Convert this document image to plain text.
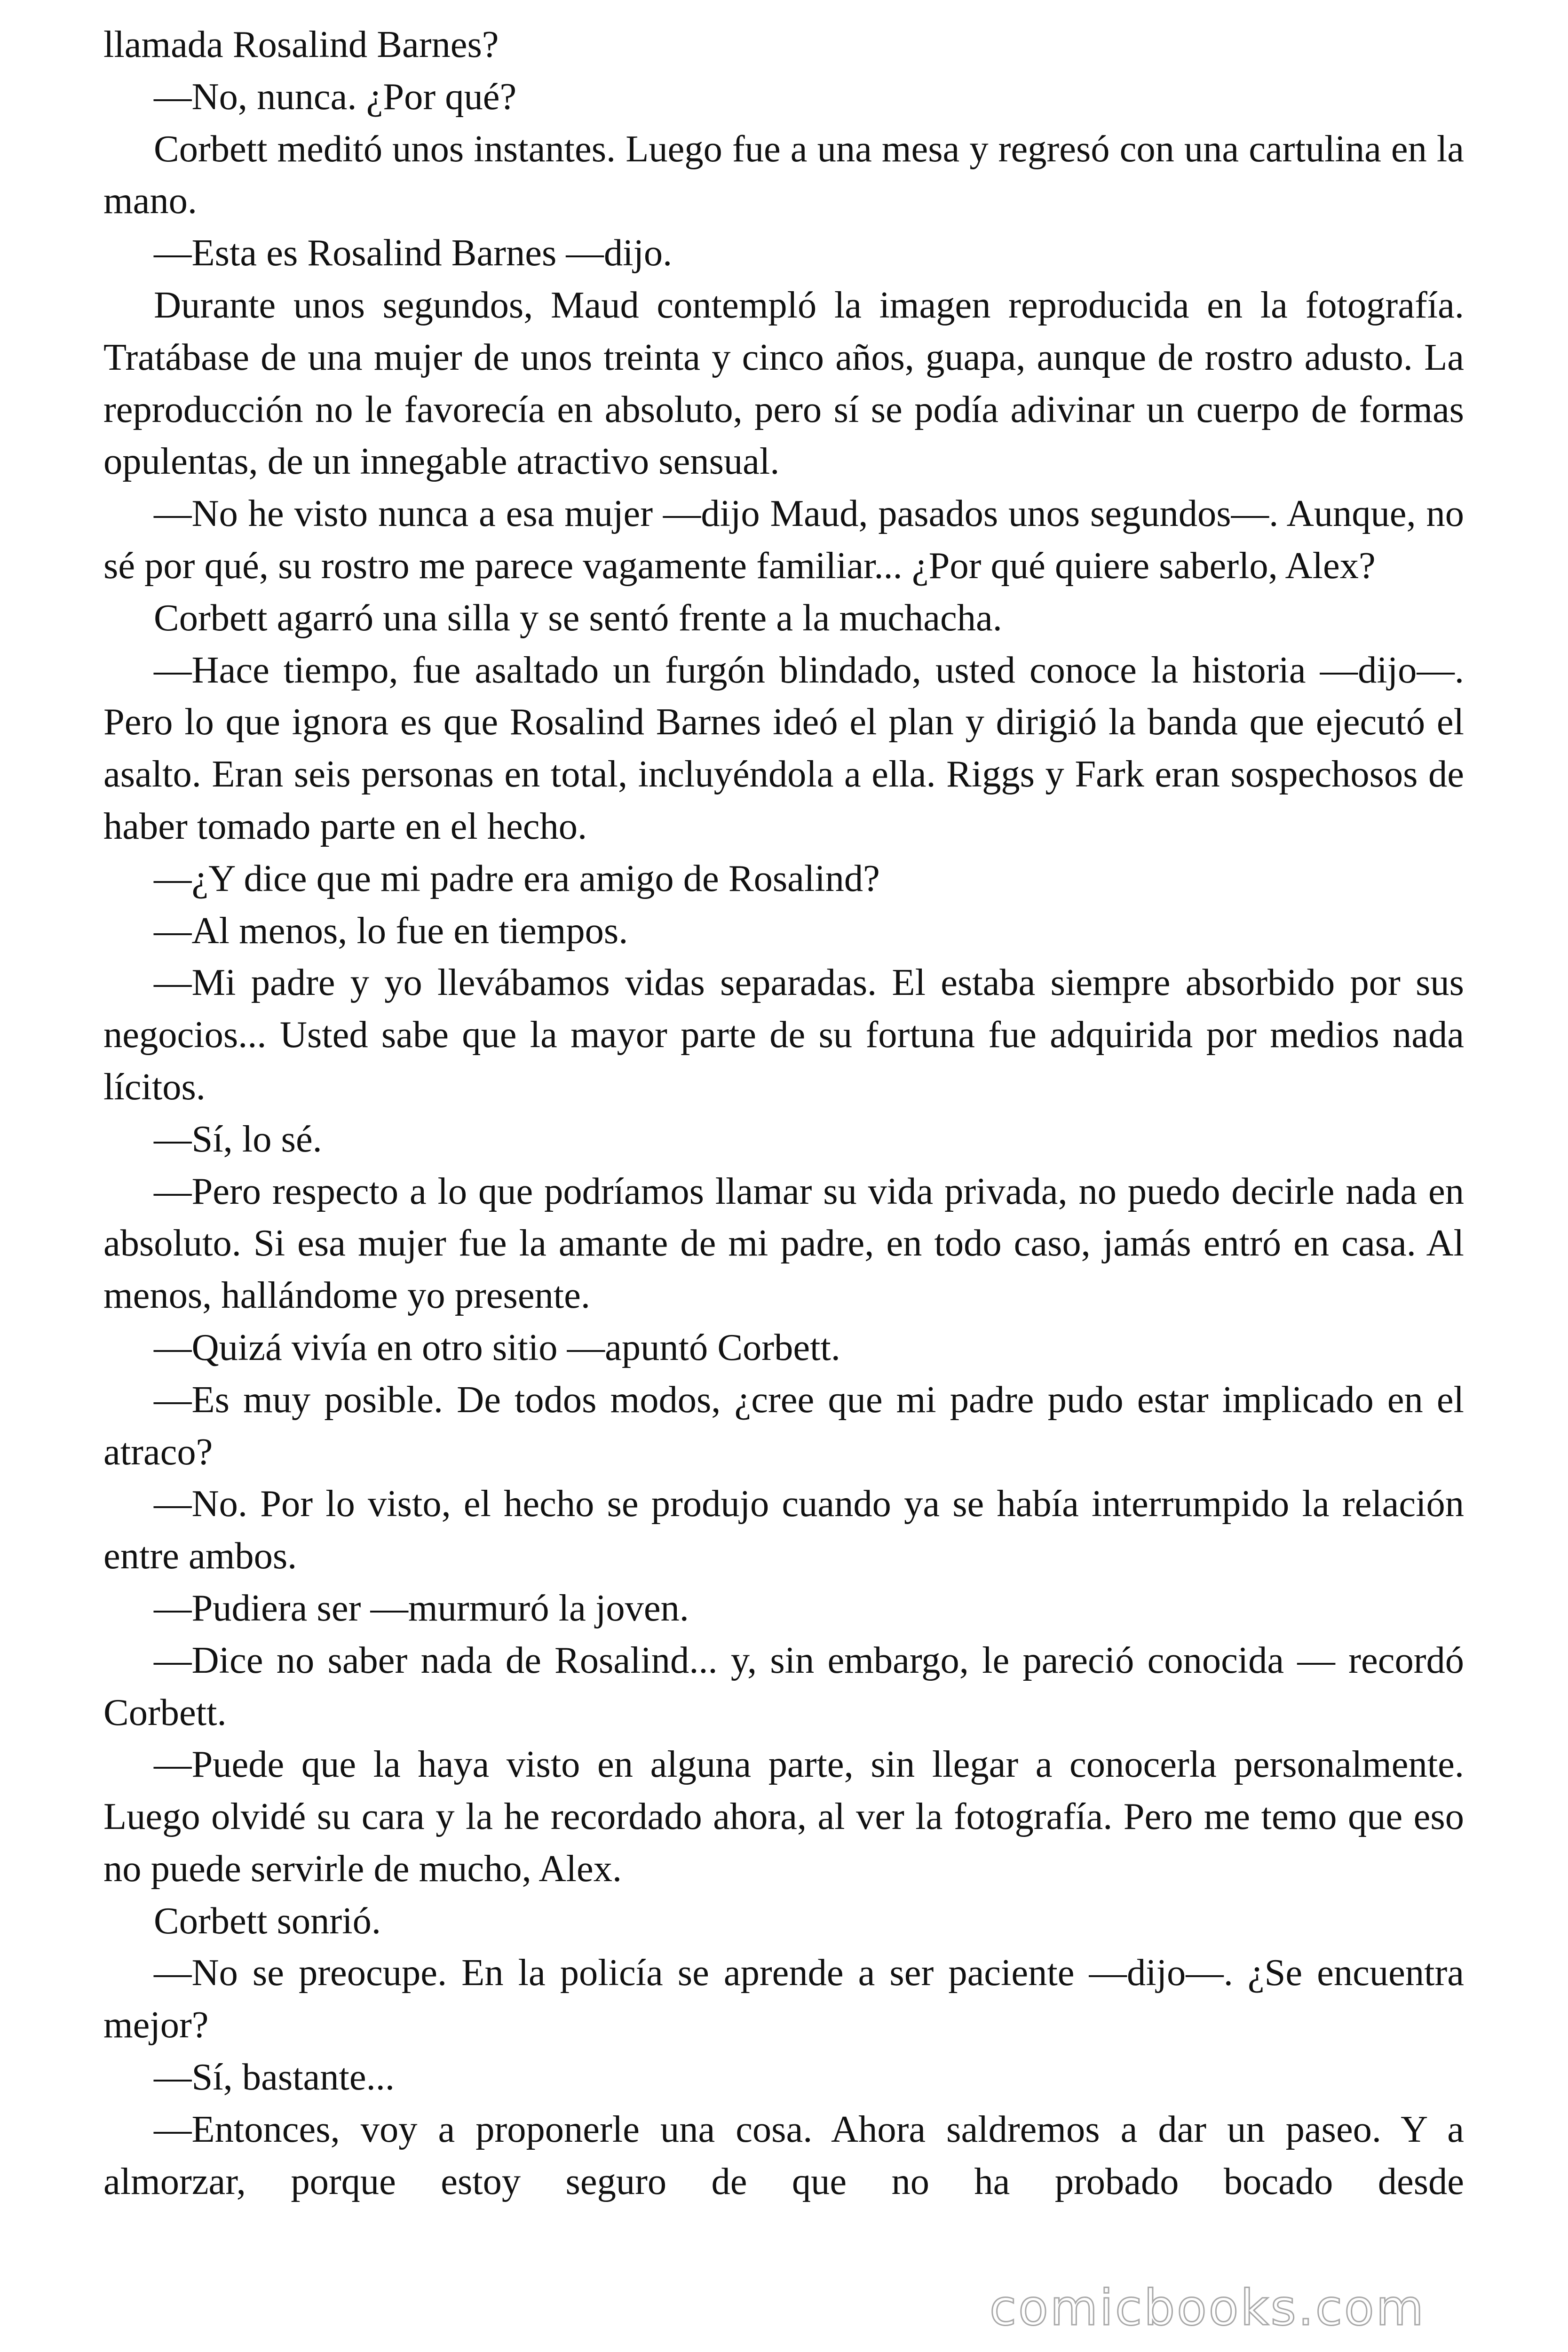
llamada Rosalind Barnes?

—No, nunca. ¿Por qué?

Corbett meditó unos instantes. Luego fue a una mesa y regresó con una cartulina en la mano.

—Esta es Rosalind Barnes —dijo.

Durante unos segundos, Maud contempló la imagen reproducida en la fotografía. Tratábase de una mujer de unos treinta y cinco años, guapa, aunque de rostro adusto. La reproducción no le favorecía en absoluto, pero sí se podía adivinar un cuerpo de formas opulentas, de un innegable atractivo sensual.

—No he visto nunca a esa mujer —dijo Maud, pasados unos segundos—. Aunque, no sé por qué, su rostro me parece vagamente familiar... ¿Por qué quiere saberlo, Alex?

Corbett agarró una silla y se sentó frente a la muchacha.

—Hace tiempo, fue asaltado un furgón blindado, usted conoce la historia —dijo—. Pero lo que ignora es que Rosalind Barnes ideó el plan y dirigió la banda que ejecutó el asalto. Eran seis personas en total, incluyéndola a ella. Riggs y Fark eran sospechosos de haber tomado parte en el hecho.

—¿Y dice que mi padre era amigo de Rosalind?

—Al menos, lo fue en tiempos.

—Mi padre y yo llevábamos vidas separadas. El estaba siempre absorbido por sus negocios... Usted sabe que la mayor parte de su fortuna fue adquirida por medios nada lícitos.

—Sí, lo sé.

—Pero respecto a lo que podríamos llamar su vida privada, no puedo decirle nada en absoluto. Si esa mujer fue la amante de mi padre, en todo caso, jamás entró en casa. Al menos, hallándome yo presente.

—Quizá vivía en otro sitio —apuntó Corbett.

—Es muy posible. De todos modos, ¿cree que mi padre pudo estar implicado en el atraco?

—No. Por lo visto, el hecho se produjo cuando ya se había interrumpido la relación entre ambos.

—Pudiera ser —murmuró la joven.

—Dice no saber nada de Rosalind... y, sin embargo, le pareció conocida — recordó Corbett.

—Puede que la haya visto en alguna parte, sin llegar a conocerla personalmente. Luego olvidé su cara y la he recordado ahora, al ver la fotografía. Pero me temo que eso no puede servirle de mucho, Alex.

Corbett sonrió.

—No se preocupe. En la policía se aprende a ser paciente —dijo—. ¿Se encuentra mejor?

—Sí, bastante...

—Entonces, voy a proponerle una cosa. Ahora saldremos a dar un paseo. Y a almorzar, porque estoy seguro de que no ha probado bocado desde

comicbooks.com
